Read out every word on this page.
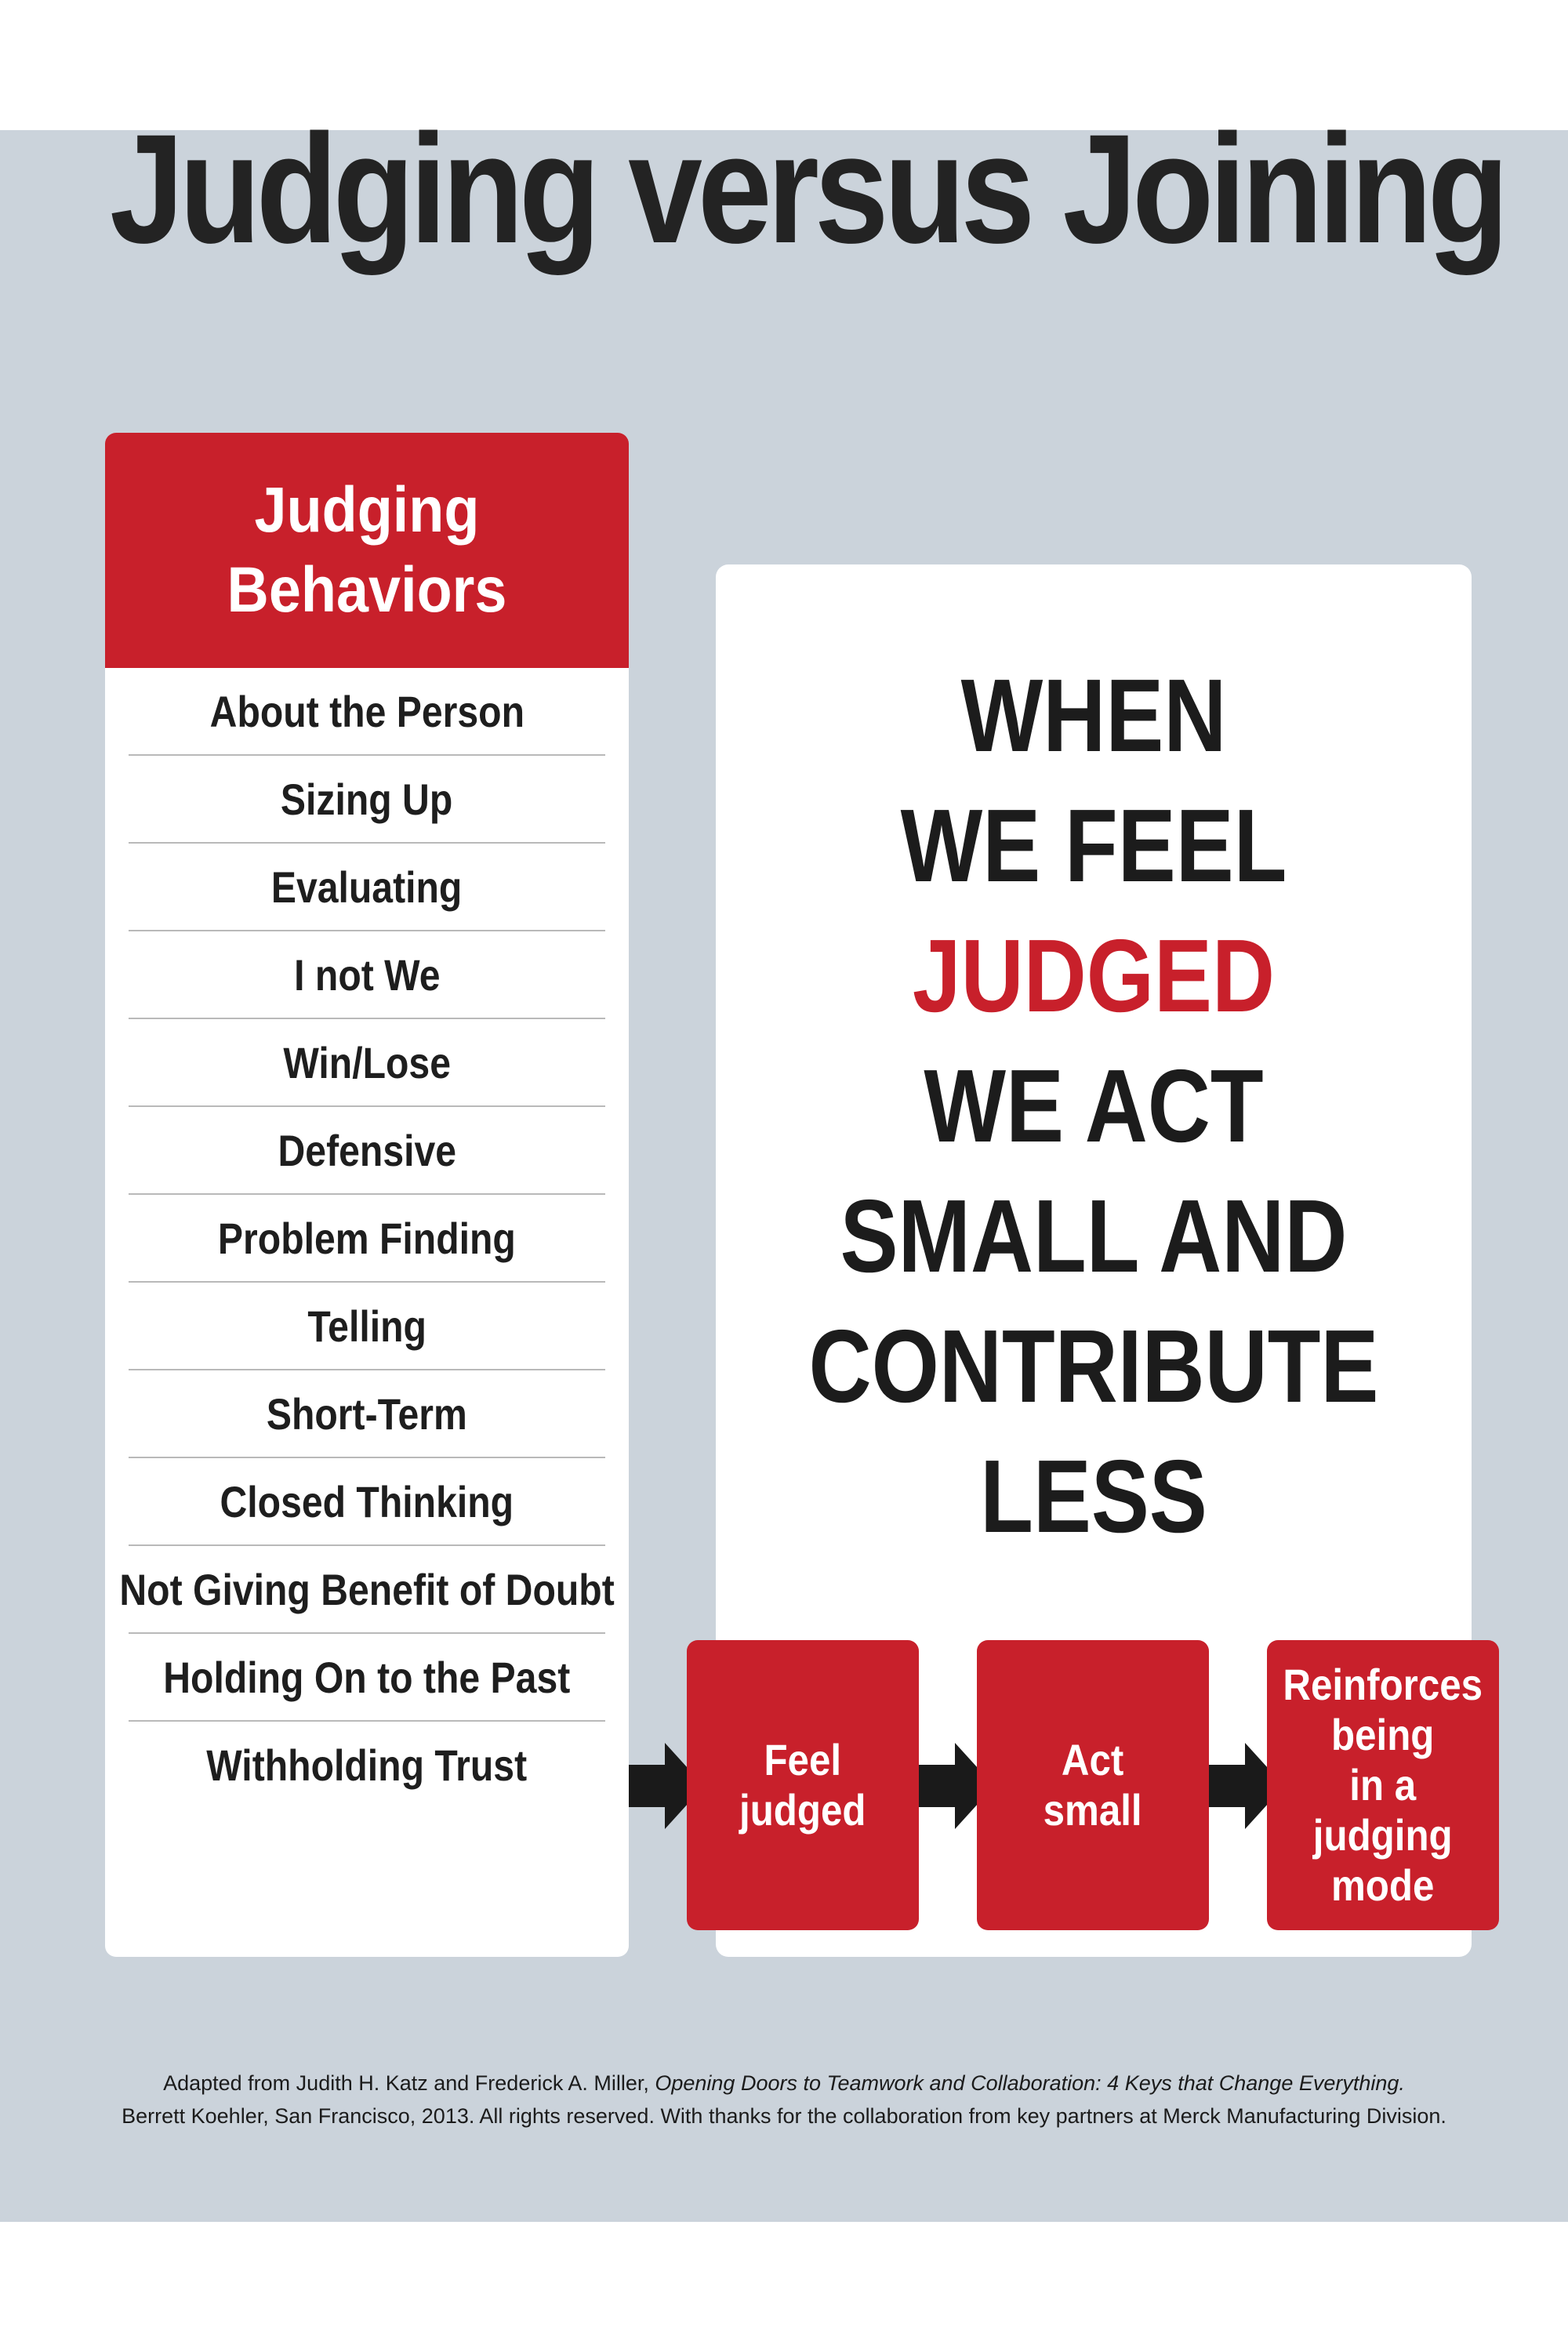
Judging versus Joining
Judging
Behaviors
About the Person
Sizing Up
Evaluating
I not We
Win/Lose
Defensive
Problem Finding
Telling
Short-Term
Closed Thinking
Not Giving Benefit of Doubt
Holding On to the Past
Withholding Trust
WHEN
WE FEEL
JUDGED
WE ACT
SMALL AND
CONTRIBUTE
LESS
Feel
judged
Act
small
Reinforces
being
in a
judging
mode
Adapted from Judith H. Katz and Frederick A. Miller, Opening Doors to Teamwork and Collaboration: 4 Keys that Change Everything.
Berrett Koehler, San Francisco, 2013. All rights reserved. With thanks for the collaboration from key partners at Merck Manufacturing Division.
